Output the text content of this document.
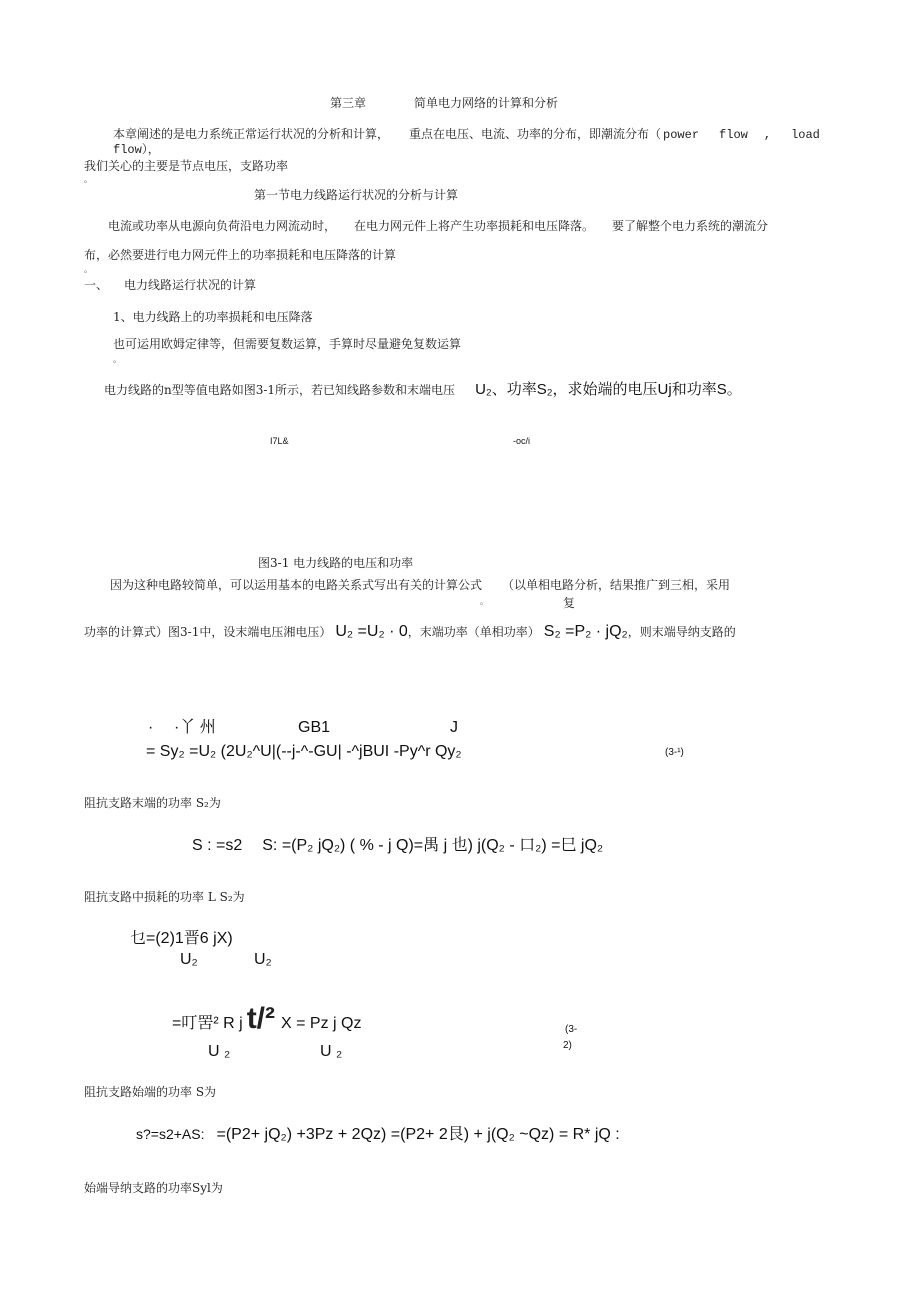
第三章	简单电力网络的计算和分析
本章阐述的是电力系统正常运行状况的分析和计算， 重点在电压、电流、功率的分布，即潮流分布（ power flow , load
flow），
我们关心的主要是节点电压，支路功率
。
第一节电力线路运行状况的分析与计算
电流或功率从电源向负荷沿电力网流动时， 在电力网元件上将产生功率损耗和电压降落。 要了解整个电力系统的潮流分
布，必然要进行电力网元件上的功率损耗和电压降落的计算
。
一、 电力线路运行状况的计算
1、电力线路上的功率损耗和电压降落
也可运用欧姆定律等，但需要复数运算，手算时尽量避免复数运算
。
电力线路的n型等值电路如图3-1所示，若已知线路参数和末端电压 U₂、功率S₂，求始端的电压Uj和功率S。
I7L&	-oc/i
图3-1 电力线路的电压和功率
因为这种电路较简单，可以运用基本的电路关系式写出有关的计算公式 （以单相电路分析，结果推广到三相，采用
。	复
功率的计算式）图3-1中，设末端电压湘电压） U₂ =U₂ · 0 ，末端功率（单相功率） S₂ =P₂ · jQ₂ ，则末端导纳支路的
· ·丫 州	GB1	J
= Sy₂ =U₂ (2U₂^U|(--j-^-GU| -^jBUI -Py^r Qy₂	(3-¹)
阻抗支路末端的功率 S₂为
S : =s2 S: =(P₂ jQ₂) ( % - j Q)=禺 j 也) j(Q₂ - 口₂) =巳 jQ₂
阻抗支路中损耗的功率 L S₂为
乜=(2)1晋6 jX)
U₂	U₂
=叮罟² R j t/² X = Pz j Qz
U ₂	U ₂
(3-
2)
阻抗支路始端的功率 S为
s?=s2+AS: =(P2+ jQ₂) +3Pz + 2Qz) =(P2+ 2艮) + j(Q₂ ~Qz) = R* jQ :
始端导纳支路的功率Syl为
